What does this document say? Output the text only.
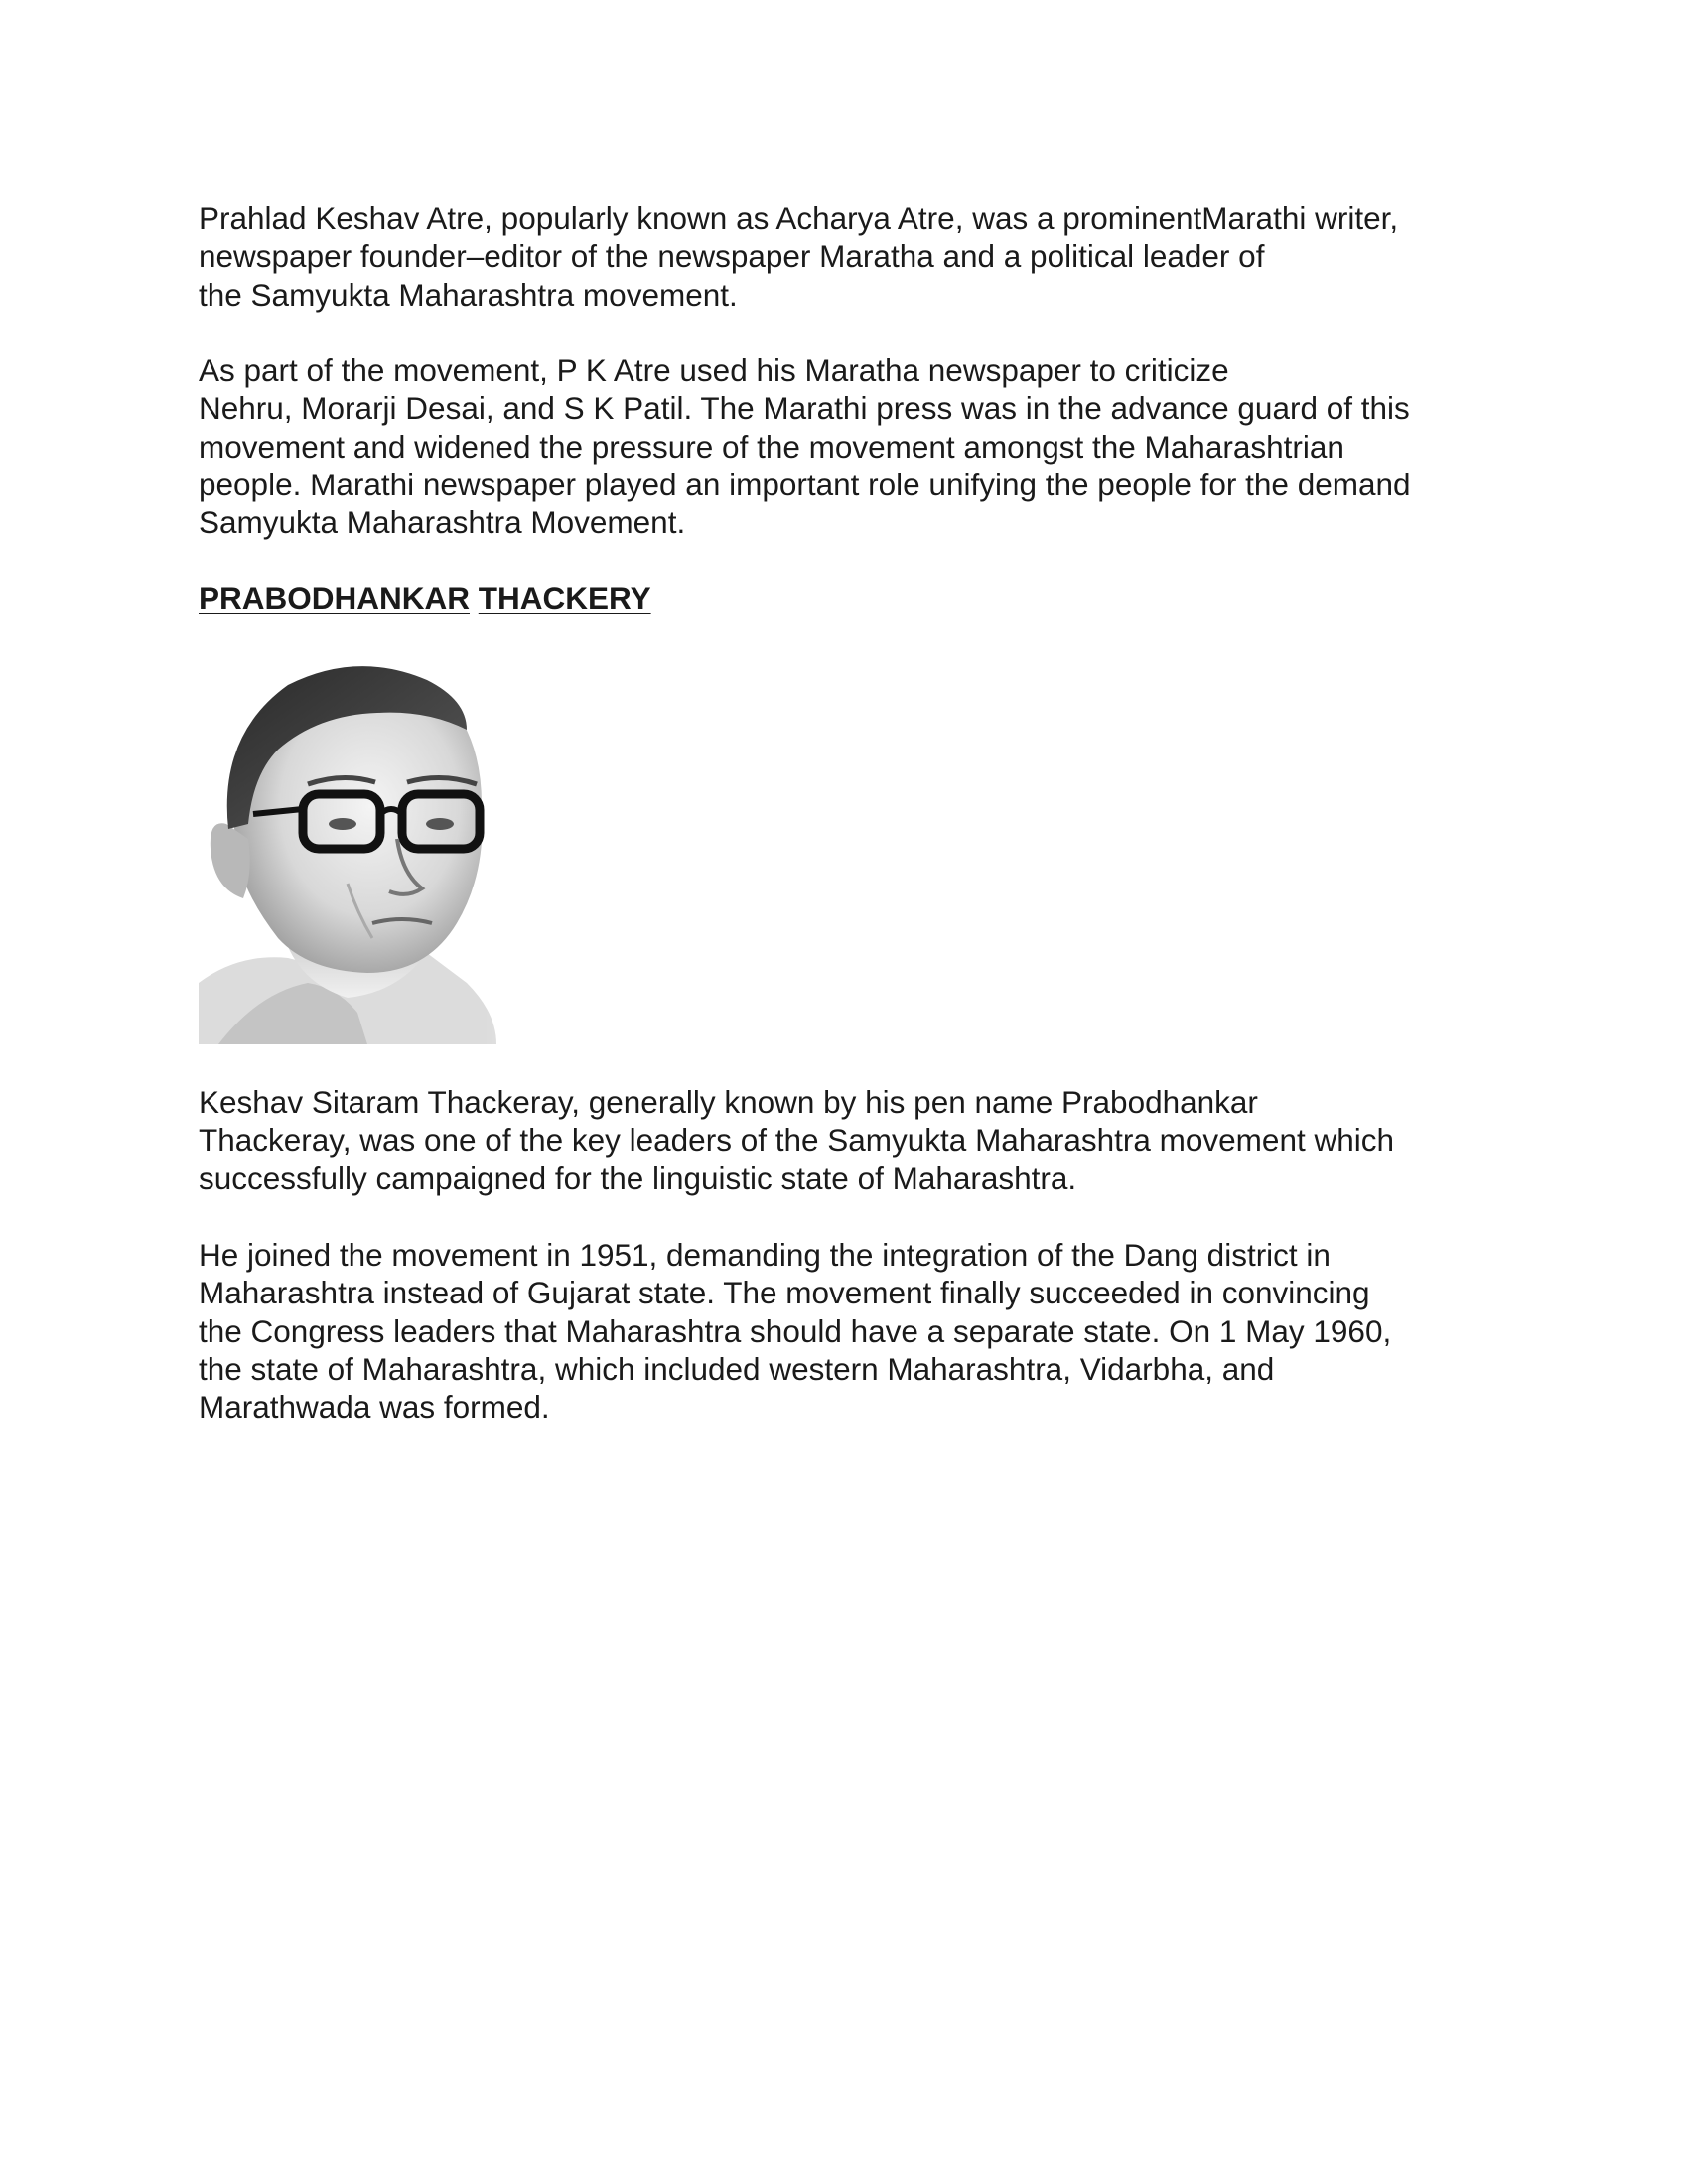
Prahlad Keshav Atre, popularly known as Acharya Atre, was a prominentMarathi writer,
newspaper founder–editor of the newspaper Maratha and a political leader of
the Samyukta Maharashtra movement.

As part of the movement, P K Atre used his Maratha newspaper to criticize
Nehru, Morarji Desai, and S K Patil. The Marathi press was in the advance guard of this
movement and widened the pressure of the movement amongst the Maharashtrian
people. Marathi newspaper played an important role unifying the people for the demand
Samyukta Maharashtra Movement.

PRABODHANKAR THACKERY

Keshav Sitaram Thackeray, generally known by his pen name Prabodhankar
Thackeray, was one of the key leaders of the Samyukta Maharashtra movement which
successfully campaigned for the linguistic state of Maharashtra.

He joined the movement in 1951, demanding the integration of the Dang district in
Maharashtra instead of Gujarat state. The movement finally succeeded in convincing
the Congress leaders that Maharashtra should have a separate state. On 1 May 1960,
the state of Maharashtra, which included western Maharashtra, Vidarbha, and
Marathwada was formed.
